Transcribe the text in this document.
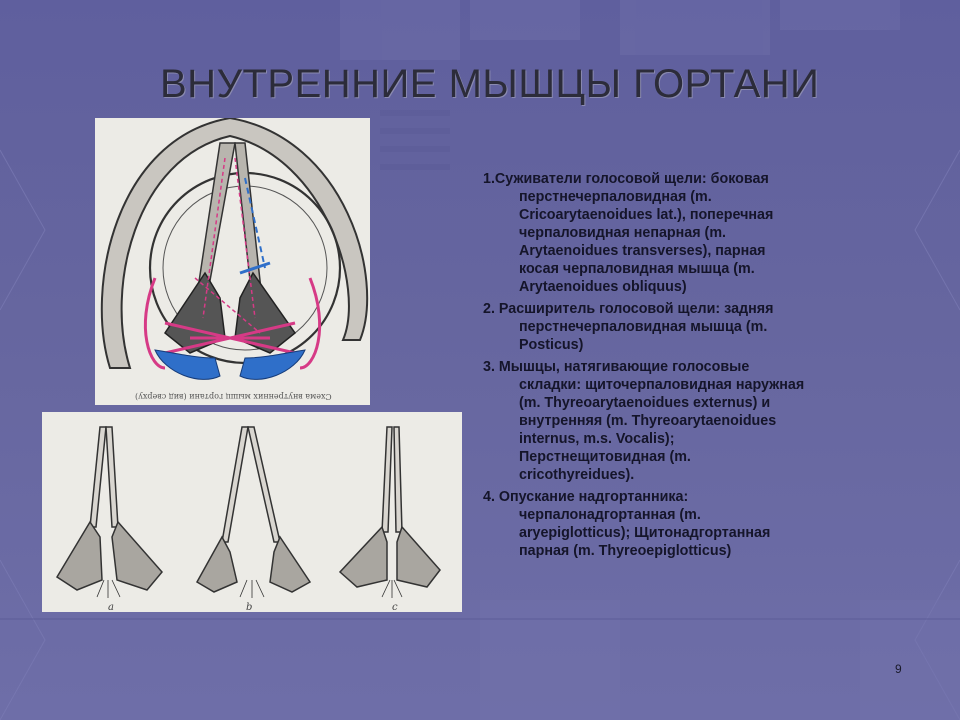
ВНУТРЕННИЕ МЫШЦЫ ГОРТАНИ
Схема внутренних мышц гортани (вид сверху)
a	b	c
1.Суживатели голосовой щели: боковая
перстнечерпаловидная (m.
Cricoarytaenoidues lat.), поперечная
черпаловидная непарная (m.
Arytaenoidues transverses), парная
косая черпаловидная мышца (m.
Arytaenoidues obliquus)
2. Расширитель голосовой щели: задняя
перстнечерпаловидная мышца (m.
Posticus)
3. Мышцы, натягивающие голосовые
складки: щиточерпаловидная наружная
(m. Thyreoarytaenoidues externus) и
внутренняя (m. Thyreoarytaenoidues
internus, m.s. Vocalis);
Перстнещитовидная (m.
cricothyreidues).
4. Опускание надгортанника:
черпалонадгортанная (m.
aryepiglotticus); Щитонадгортанная
парная (m. Thyreoepiglotticus)
9
